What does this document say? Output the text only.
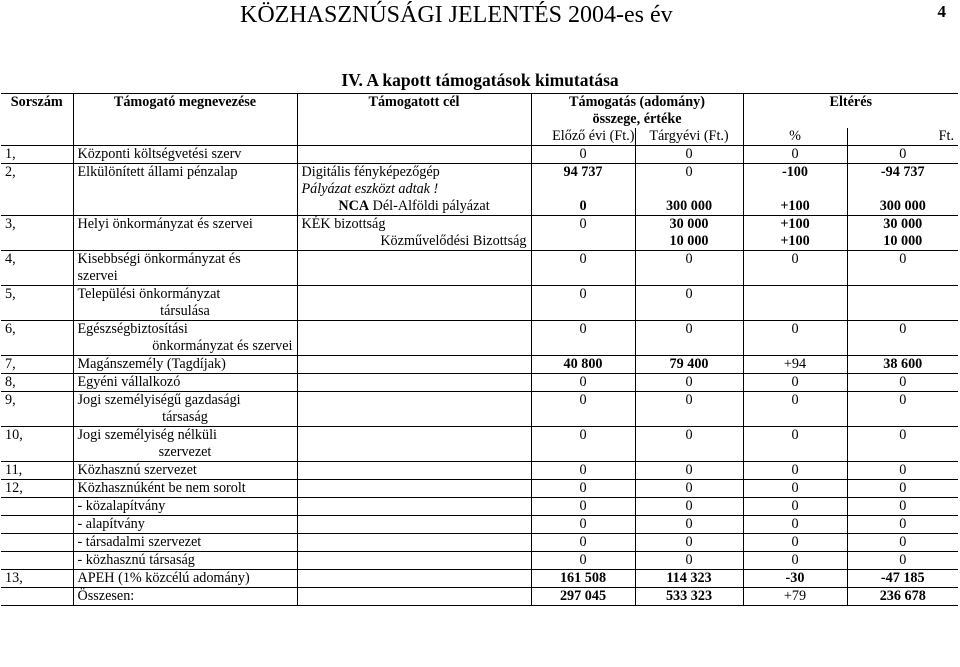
KÖZHASZNÚSÁGI JELENTÉS 2004-es év	4
IV. A kapott támogatások kimutatása
Sorszám	Támogató megnevezése	Támogatott cél	Támogatás (adomány)
összege, értéke		Eltérés	
			Előző évi (Ft.)	Tárgyévi (Ft.)	%	Ft.
1,	Központi költségvetési szerv		0	0	0	0
2,	Elkülönített állami pénzalap	Digitális fényképezőgép	94 737	0	-100	-94 737
		Pályázat eszközt adtak !				
		NCA Dél-Alföldi pályázat	0	300 000	+100	300 000
3,	Helyi önkormányzat és szervei	KÉK bizottság	0	30 000	+100	30 000
		Közművelődési Bizottság		10 000	+100	10 000
4,	Kisebbségi önkormányzat és		0	0	0	0
	szervei					
5,	Települési önkormányzat		0	0		
	társulása					
6,	Egészségbiztosítási		0	0	0	0
	önkormányzat és szervei					
7,	Magánszemély (Tagdíjak)		40 800	79 400	+94	38 600
8,	Egyéni vállalkozó		0	0	0	0
9,	Jogi személyiségű gazdasági		0	0	0	0
	társaság					
10,	Jogi személyiség nélküli		0	0	0	0
	szervezet					
11,	Közhasznú szervezet		0	0	0	0
12,	Közhasznúként be nem sorolt		0	0	0	0
	- közalapítvány		0	0	0	0
	- alapítvány		0	0	0	0
	- társadalmi szervezet		0	0	0	0
	- közhasznú társaság		0	0	0	0
13,	APEH (1% közcélú adomány)		161 508	114 323	-30	-47 185
	Összesen:		297 045	533 323	+79	236 678
